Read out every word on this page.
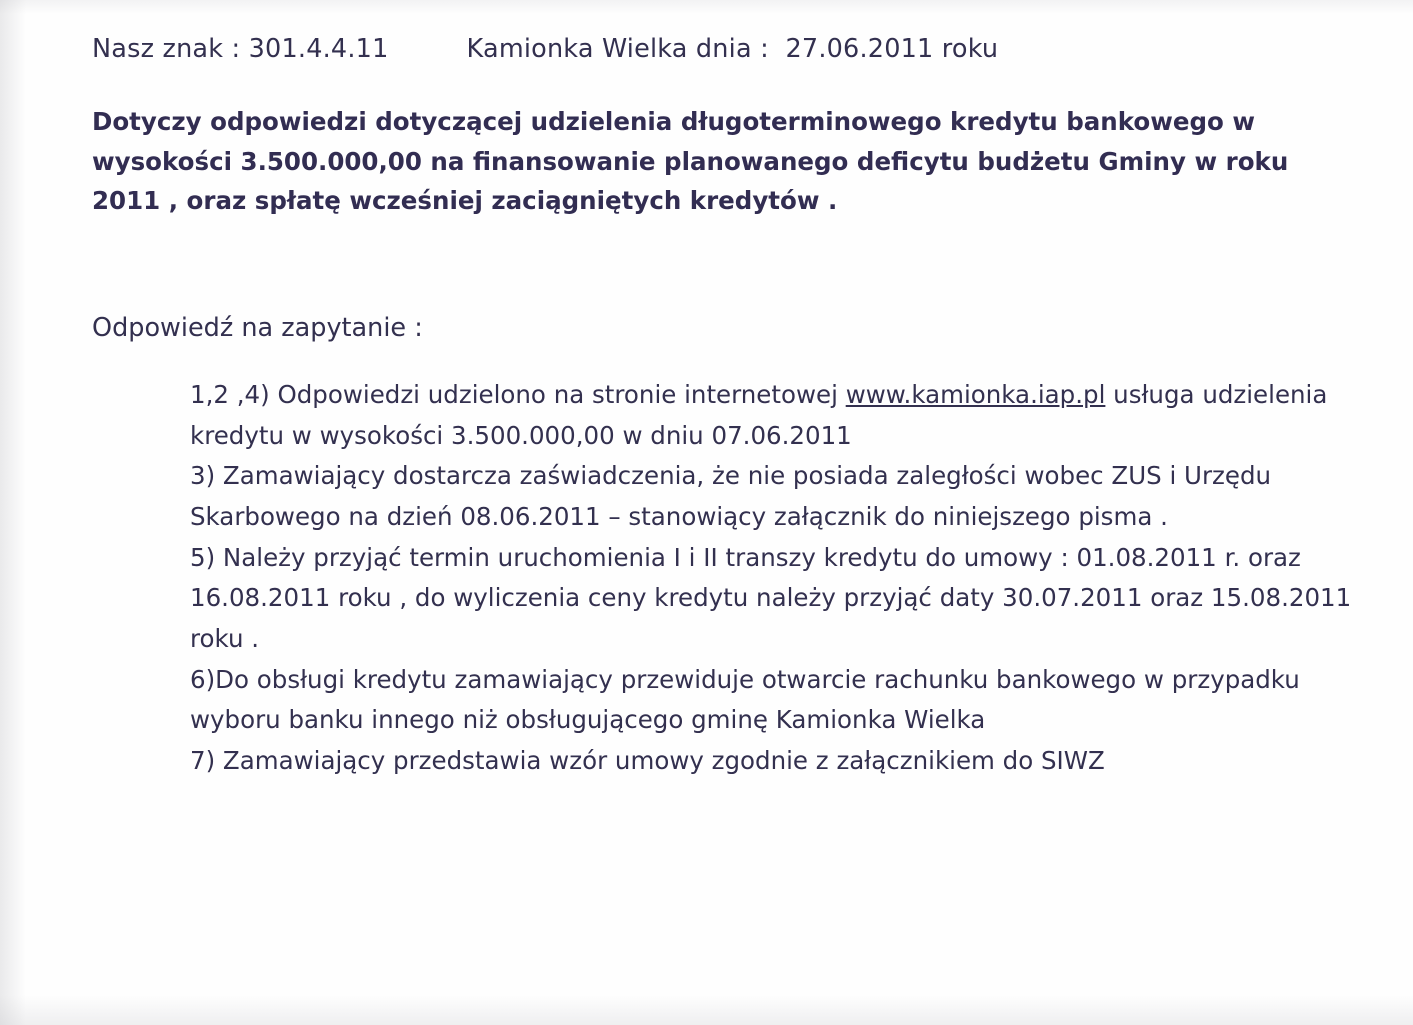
Nasz znak : 301.4.4.11	Kamionka Wielka dnia :  27.06.2011 roku
Dotyczy odpowiedzi dotyczącej udzielenia długoterminowego kredytu bankowego w wysokości 3.500.000,00 na finansowanie planowanego deficytu budżetu Gminy w roku 2011 , oraz spłatę wcześniej zaciągniętych kredytów .
Odpowiedź na zapytanie :

1,2 ,4) Odpowiedzi udzielono na stronie internetowej www.kamionka.iap.pl usługa udzielenia kredytu w wysokości 3.500.000,00 w dniu 07.06.2011

3) Zamawiający dostarcza zaświadczenia, że nie posiada zaległości wobec ZUS i Urzędu Skarbowego na dzień 08.06.2011 – stanowiący załącznik do niniejszego pisma .

5) Należy przyjąć termin uruchomienia I i II transzy kredytu do umowy : 01.08.2011 r. oraz 16.08.2011 roku , do wyliczenia ceny kredytu należy przyjąć daty 30.07.2011 oraz 15.08.2011 roku .

6)Do obsługi kredytu zamawiający przewiduje otwarcie rachunku bankowego w przypadku wyboru banku innego niż obsługującego gminę Kamionka Wielka

7) Zamawiający przedstawia wzór umowy zgodnie z załącznikiem do SIWZ
